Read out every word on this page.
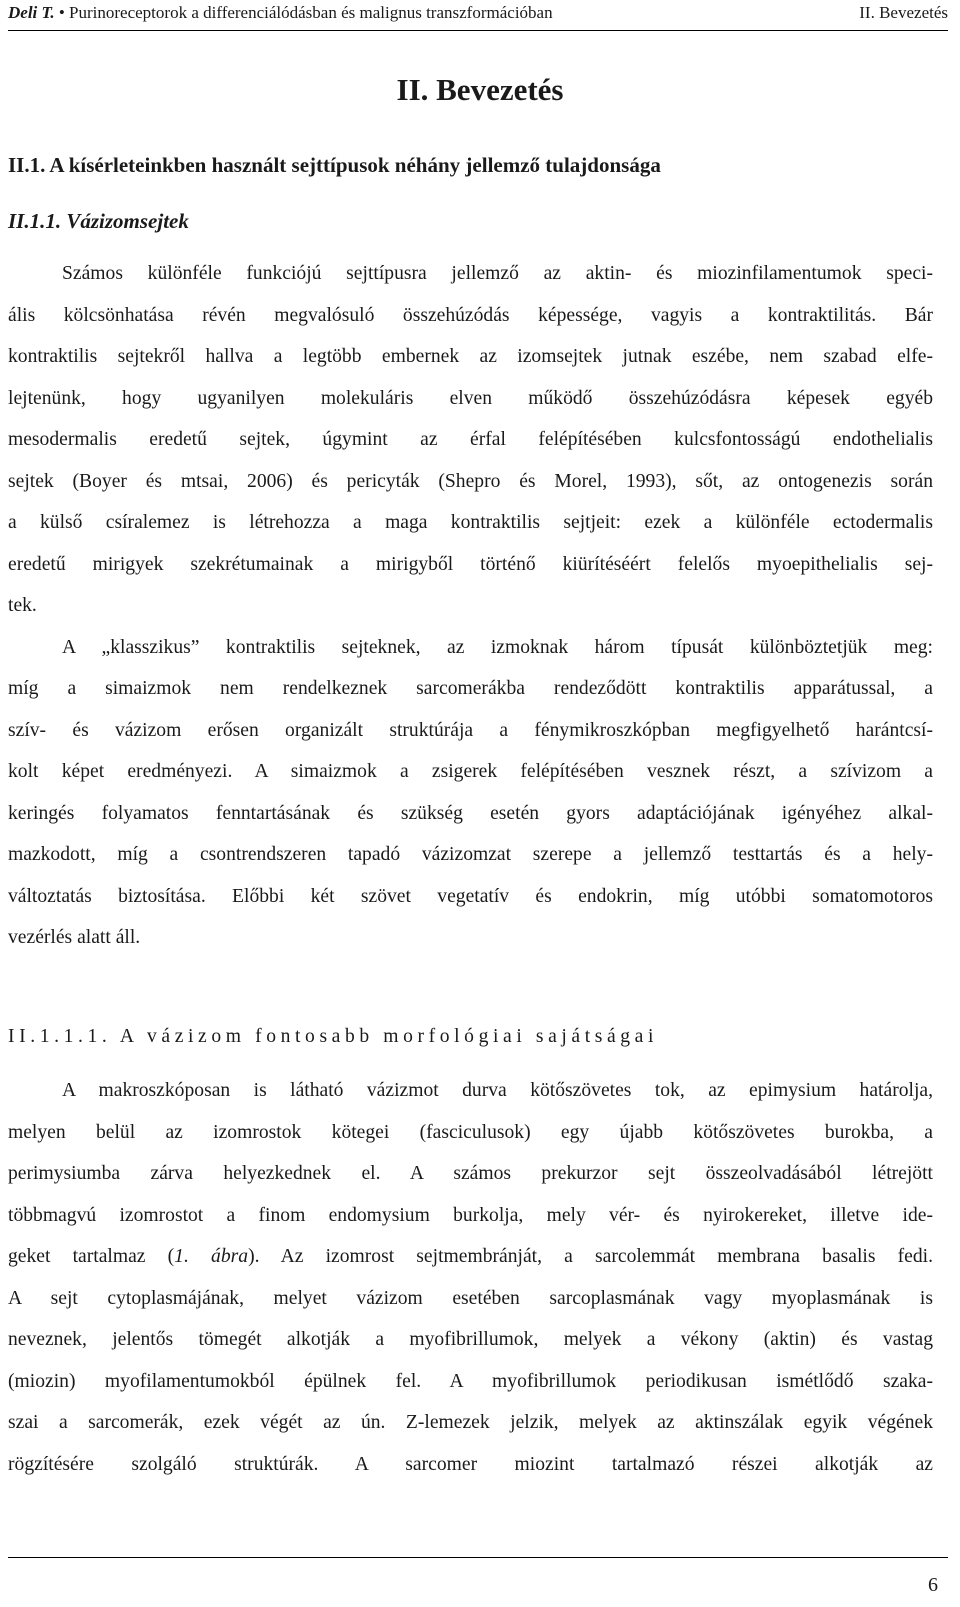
Deli T. • Purinoreceptorok a differenciálódásban és malignus transzformációban	II. Bevezetés
II. Bevezetés
II.1. A kísérleteinkben használt sejttípusok néhány jellemző tulajdonsága
II.1.1. Vázizomsejtek
Számos különféle funkciójú sejttípusra jellemző az aktin- és miozinfilamentumok speci-
ális kölcsönhatása révén megvalósuló összehúzódás képessége, vagyis a kontraktilitás. Bár
kontraktilis sejtekről hallva a legtöbb embernek az izomsejtek jutnak eszébe, nem szabad elfe-
lejtenünk, hogy ugyanilyen molekuláris elven működő összehúzódásra képesek egyéb
mesodermalis eredetű sejtek, úgymint az érfal felépítésében kulcsfontosságú endothelialis
sejtek (Boyer és mtsai, 2006) és pericyták (Shepro és Morel, 1993), sőt, az ontogenezis során
a külső csíralemez is létrehozza a maga kontraktilis sejtjeit: ezek a különféle ectodermalis
eredetű mirigyek szekrétumainak a mirigyből történő kiürítéséért felelős myoepithelialis sej-
tek.
A „klasszikus” kontraktilis sejteknek, az izmoknak három típusát különböztetjük meg:
míg a simaizmok nem rendelkeznek sarcomerákba rendeződött kontraktilis apparátussal, a
szív- és vázizom erősen organizált struktúrája a fénymikroszkópban megfigyelhető harántcsí-
kolt képet eredményezi. A simaizmok a zsigerek felépítésében vesznek részt, a szívizom a
keringés folyamatos fenntartásának és szükség esetén gyors adaptációjának igényéhez alkal-
mazkodott, míg a csontrendszeren tapadó vázizomzat szerepe a jellemző testtartás és a hely-
változtatás biztosítása. Előbbi két szövet vegetatív és endokrin, míg utóbbi somatomotoros
vezérlés alatt áll.
II.1.1.1. A vázizom fontosabb morfológiai sajátságai
A makroszkóposan is látható vázizmot durva kötőszövetes tok, az epimysium határolja,
melyen belül az izomrostok kötegei (fasciculusok) egy újabb kötőszövetes burokba, a
perimysiumba zárva helyezkednek el. A számos prekurzor sejt összeolvadásából létrejött
többmagvú izomrostot a finom endomysium burkolja, mely vér- és nyirokereket, illetve ide-
geket tartalmaz (1. ábra). Az izomrost sejtmembránját, a sarcolemmát membrana basalis fedi.
A sejt cytoplasmájának, melyet vázizom esetében sarcoplasmának vagy myoplasmának is
neveznek, jelentős tömegét alkotják a myofibrillumok, melyek a vékony (aktin) és vastag
(miozin) myofilamentumokból épülnek fel. A myofibrillumok periodikusan ismétlődő szaka-
szai a sarcomerák, ezek végét az ún. Z-lemezek jelzik, melyek az aktinszálak egyik végének
rögzítésére szolgáló struktúrák. A sarcomer miozint tartalmazó részei alkotják az
6
